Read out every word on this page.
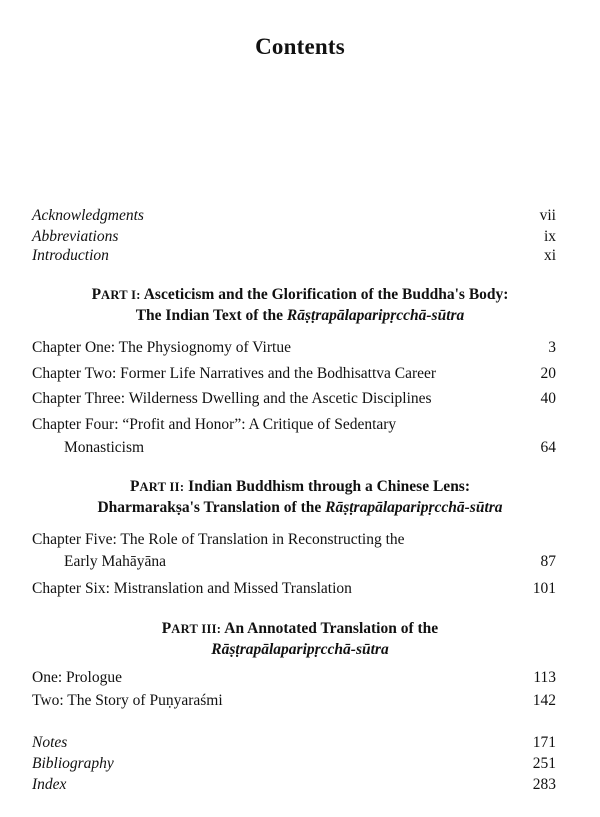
Contents
Acknowledgments	vii
Abbreviations	ix
Introduction	xi
PART I: Asceticism and the Glorification of the Buddha's Body:
The Indian Text of the Rāṣṭrapālaparipṛcchā-sūtra
Chapter One: The Physiognomy of Virtue	3
Chapter Two: Former Life Narratives and the Bodhisattva Career	20
Chapter Three: Wilderness Dwelling and the Ascetic Disciplines	40
Chapter Four: “Profit and Honor”: A Critique of Sedentary
Monasticism	64
PART II: Indian Buddhism through a Chinese Lens:
Dharmarakṣa's Translation of the Rāṣṭrapālaparipṛcchā-sūtra
Chapter Five: The Role of Translation in Reconstructing the
Early Mahāyāna	87
Chapter Six: Mistranslation and Missed Translation	101
PART III: An Annotated Translation of the
Rāṣṭrapālaparipṛcchā-sūtra
One: Prologue	113
Two: The Story of Puṇyaraśmi	142
Notes	171
Bibliography	251
Index	283
